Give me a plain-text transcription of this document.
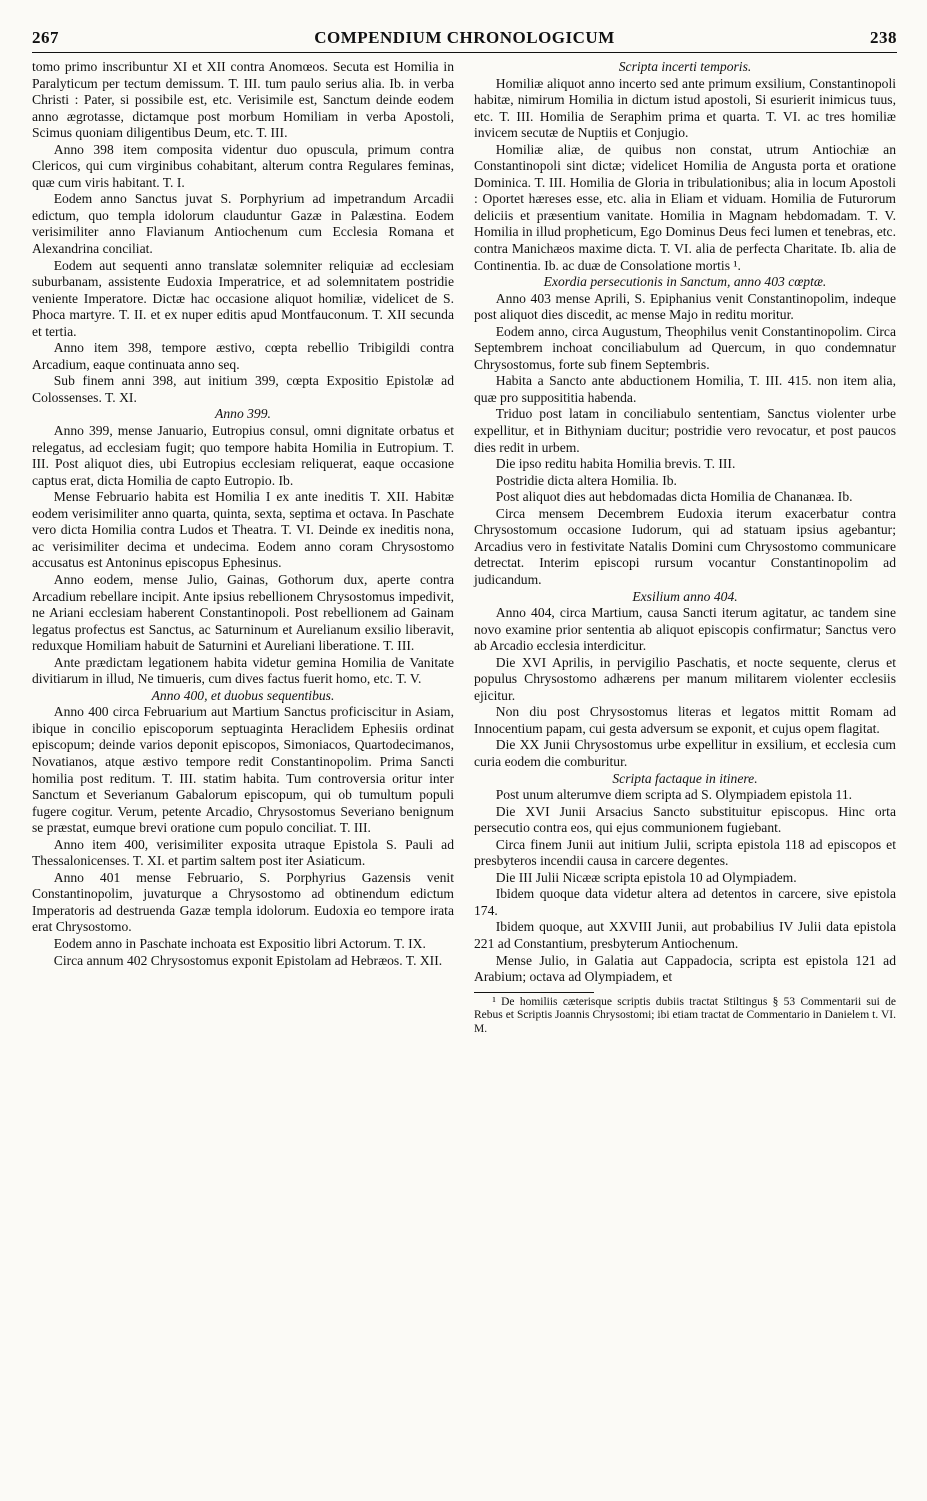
267	COMPENDIUM CHRONOLOGICUM	238

tomo primo inscribuntur XI et XII contra Anomœos. Secuta est Homilia in Paralyticum per tectum demissum. T. III. tum paulo serius alia. Ib. in verba Christi : Pater, si possibile est, etc. Verisimile est, Sanctum deinde eodem anno ægrotasse, dictamque post morbum Homiliam in verba Apostoli, Scimus quoniam diligentibus Deum, etc. T. III.

Anno 398 item composita videntur duo opuscula, primum contra Clericos, qui cum virginibus cohabitant, alterum contra Regulares feminas, quæ cum viris habitant. T. I.

Eodem anno Sanctus juvat S. Porphyrium ad impetrandum Arcadii edictum, quo templa idolorum clauduntur Gazæ in Palæstina. Eodem verisimiliter anno Flavianum Antiochenum cum Ecclesia Romana et Alexandrina conciliat.

Eodem aut sequenti anno translatæ solemniter reliquiæ ad ecclesiam suburbanam, assistente Eudoxia Imperatrice, et ad solemnitatem postridie veniente Imperatore. Dictæ hac occasione aliquot homiliæ, videlicet de S. Phoca martyre. T. II. et ex nuper editis apud Montfauconum. T. XII secunda et tertia.

Anno item 398, tempore æstivo, cœpta rebellio Tribigildi contra Arcadium, eaque continuata anno seq.

Sub finem anni 398, aut initium 399, cœpta Expositio Epistolæ ad Colossenses. T. XI.

Anno 399.

Anno 399, mense Januario, Eutropius consul, omni dignitate orbatus et relegatus, ad ecclesiam fugit; quo tempore habita Homilia in Eutropium. T. III. Post aliquot dies, ubi Eutropius ecclesiam reliquerat, eaque occasione captus erat, dicta Homilia de capto Eutropio. Ib.

Mense Februario habita est Homilia I ex ante ineditis T. XII. Habitæ eodem verisimiliter anno quarta, quinta, sexta, septima et octava. In Paschate vero dicta Homilia contra Ludos et Theatra. T. VI. Deinde ex ineditis nona, ac verisimiliter decima et undecima. Eodem anno coram Chrysostomo accusatus est Antoninus episcopus Ephesinus.

Anno eodem, mense Julio, Gainas, Gothorum dux, aperte contra Arcadium rebellare incipit. Ante ipsius rebellionem Chrysostomus impedivit, ne Ariani ecclesiam haberent Constantinopoli. Post rebellionem ad Gainam legatus profectus est Sanctus, ac Saturninum et Aurelianum exsilio liberavit, reduxque Homiliam habuit de Saturnini et Aureliani liberatione. T. III.

Ante prædictam legationem habita videtur gemina Homilia de Vanitate divitiarum in illud, Ne timueris, cum dives factus fuerit homo, etc. T. V.

Anno 400, et duobus sequentibus.

Anno 400 circa Februarium aut Martium Sanctus proficiscitur in Asiam, ibique in concilio episcoporum septuaginta Heraclidem Ephesiis ordinat episcopum; deinde varios deponit episcopos, Simoniacos, Quartodecimanos, Novatianos, atque æstivo tempore redit Constantinopolim. Prima Sancti homilia post reditum. T. III. statim habita. Tum controversia oritur inter Sanctum et Severianum Gabalorum episcopum, qui ob tumultum populi fugere cogitur. Verum, petente Arcadio, Chrysostomus Severiano benignum se præstat, eumque brevi oratione cum populo conciliat. T. III.

Anno item 400, verisimiliter exposita utraque Epistola S. Pauli ad Thessalonicenses. T. XI. et partim saltem post iter Asiaticum.

Anno 401 mense Februario, S. Porphyrius Gazensis venit Constantinopolim, juvaturque a Chrysostomo ad obtinendum edictum Imperatoris ad destruenda Gazæ templa idolorum. Eudoxia eo tempore irata erat Chrysostomo.

Eodem anno in Paschate inchoata est Expositio libri Actorum. T. IX.

Circa annum 402 Chrysostomus exponit Epistolam ad Hebræos. T. XII.

Scripta incerti temporis.

Homiliæ aliquot anno incerto sed ante primum exsilium, Constantinopoli habitæ, nimirum Homilia in dictum istud apostoli, Si esurierit inimicus tuus, etc. T. III. Homilia de Seraphim prima et quarta. T. VI. ac tres homiliæ invicem secutæ de Nuptiis et Conjugio.

Homiliæ aliæ, de quibus non constat, utrum Antiochiæ an Constantinopoli sint dictæ; videlicet Homilia de Angusta porta et oratione Dominica. T. III. Homilia de Gloria in tribulationibus; alia in locum Apostoli : Oportet hæreses esse, etc. alia in Eliam et viduam. Homilia de Futurorum deliciis et præsentium vanitate. Homilia in Magnam hebdomadam. T. V. Homilia in illud propheticum, Ego Dominus Deus feci lumen et tenebras, etc. contra Manichæos maxime dicta. T. VI. alia de perfecta Charitate. Ib. alia de Continentia. Ib. ac duæ de Consolatione mortis ¹.

Exordia persecutionis in Sanctum, anno 403 cœptæ.

Anno 403 mense Aprili, S. Epiphanius venit Constantinopolim, indeque post aliquot dies discedit, ac mense Majo in reditu moritur.

Eodem anno, circa Augustum, Theophilus venit Constantinopolim. Circa Septembrem inchoat conciliabulum ad Quercum, in quo condemnatur Chrysostomus, forte sub finem Septembris.

Habita a Sancto ante abductionem Homilia, T. III. 415. non item alia, quæ pro supposititia habenda.

Triduo post latam in conciliabulo sententiam, Sanctus violenter urbe expellitur, et in Bithyniam ducitur; postridie vero revocatur, et post paucos dies redit in urbem.

Die ipso reditu habita Homilia brevis. T. III.

Postridie dicta altera Homilia. Ib.

Post aliquot dies aut hebdomadas dicta Homilia de Chananæa. Ib.

Circa mensem Decembrem Eudoxia iterum exacerbatur contra Chrysostomum occasione Iudorum, qui ad statuam ipsius agebantur; Arcadius vero in festivitate Natalis Domini cum Chrysostomo communicare detrectat. Interim episcopi rursum vocantur Constantinopolim ad judicandum.

Exsilium anno 404.

Anno 404, circa Martium, causa Sancti iterum agitatur, ac tandem sine novo examine prior sententia ab aliquot episcopis confirmatur; Sanctus vero ab Arcadio ecclesia interdicitur.

Die XVI Aprilis, in pervigilio Paschatis, et nocte sequente, clerus et populus Chrysostomo adhærens per manum militarem violenter ecclesiis ejicitur.

Non diu post Chrysostomus literas et legatos mittit Romam ad Innocentium papam, cui gesta adversum se exponit, et cujus opem flagitat.

Die XX Junii Chrysostomus urbe expellitur in exsilium, et ecclesia cum curia eodem die comburitur.

Scripta factaque in itinere.

Post unum alterumve diem scripta ad S. Olympiadem epistola 11.

Die XVI Junii Arsacius Sancto substituitur episcopus. Hinc orta persecutio contra eos, qui ejus communionem fugiebant.

Circa finem Junii aut initium Julii, scripta epistola 118 ad episcopos et presbyteros incendii causa in carcere degentes.

Die III Julii Nicææ scripta epistola 10 ad Olympiadem.

Ibidem quoque data videtur altera ad detentos in carcere, sive epistola 174.

Ibidem quoque, aut XXVIII Junii, aut probabilius IV Julii data epistola 221 ad Constantium, presbyterum Antiochenum.

Mense Julio, in Galatia aut Cappadocia, scripta est epistola 121 ad Arabium; octava ad Olympiadem, et

¹ De homiliis cæterisque scriptis dubiis tractat Stiltingus § 53 Commentarii sui de Rebus et Scriptis Joannis Chrysostomi; ibi etiam tractat de Commentario in Danielem t. VI. M.
